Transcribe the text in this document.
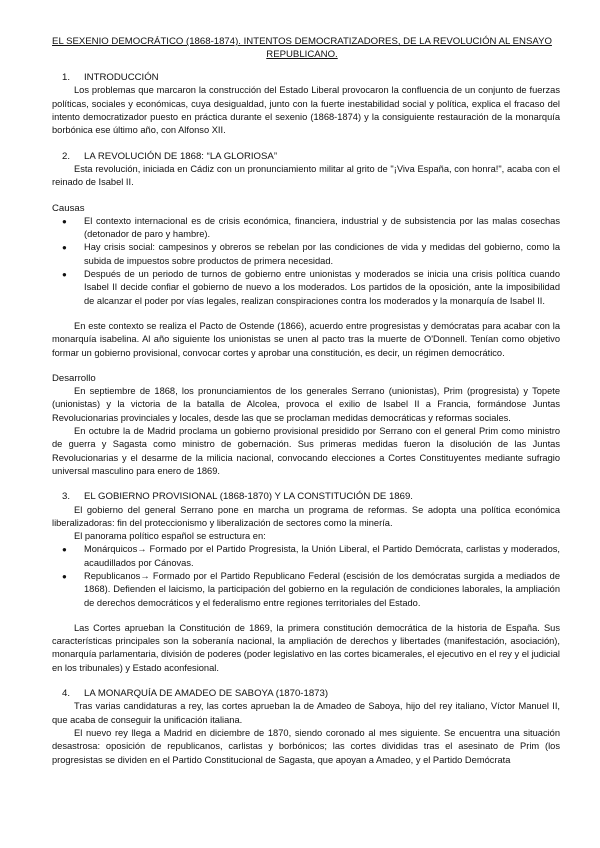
EL SEXENIO DEMOCRÁTICO (1868-1874). INTENTOS DEMOCRATIZADORES, DE LA REVOLUCIÓN AL ENSAYO REPUBLICANO.

1. INTRODUCCIÓN

Los problemas que marcaron la construcción del Estado Liberal provocaron la confluencia de un conjunto de fuerzas políticas, sociales y económicas, cuya desigualdad, junto con la fuerte inestabilidad social y política, explica el fracaso del intento democratizador puesto en práctica durante el sexenio (1868-1874) y la consiguiente restauración de la monarquía borbónica ese último año, con Alfonso XII.

2. LA REVOLUCIÓN DE 1868: “LA GLORIOSA”

Esta revolución, iniciada en Cádiz con un pronunciamiento militar al grito de "¡Viva España, con honra!", acaba con el reinado de Isabel II.

Causas

● El contexto internacional es de crisis económica, financiera, industrial y de subsistencia por las malas cosechas (detonador de paro y hambre).
● Hay crisis social: campesinos y obreros se rebelan por las condiciones de vida y medidas del gobierno, como la subida de impuestos sobre productos de primera necesidad.
● Después de un periodo de turnos de gobierno entre unionistas y moderados se inicia una crisis política cuando Isabel II decide confiar el gobierno de nuevo a los moderados. Los partidos de la oposición, ante la imposibilidad de alcanzar el poder por vías legales, realizan conspiraciones contra los moderados y la monarquía de Isabel II.

En este contexto se realiza el Pacto de Ostende (1866), acuerdo entre progresistas y demócratas para acabar con la monarquía isabelina. Al año siguiente los unionistas se unen al pacto tras la muerte de O'Donnell. Tenían como objetivo formar un gobierno provisional, convocar cortes y aprobar una constitución, es decir, un régimen democrático.

Desarrollo

En septiembre de 1868, los pronunciamientos de los generales Serrano (unionistas), Prim (progresista) y Topete (unionistas) y la victoria de la batalla de Alcolea, provoca el exilio de Isabel II a Francia, formándose Juntas Revolucionarias provinciales y locales, desde las que se proclaman medidas democráticas y reformas sociales.

En octubre la de Madrid proclama un gobierno provisional presidido por Serrano con el general Prim como ministro de guerra y Sagasta como ministro de gobernación. Sus primeras medidas fueron la disolución de las Juntas Revolucionarias y el desarme de la milicia nacional, convocando elecciones a Cortes Constituyentes mediante sufragio universal masculino para enero de 1869.

3. EL GOBIERNO PROVISIONAL (1868-1870) Y LA CONSTITUCIÓN DE 1869.

El gobierno del general Serrano pone en marcha un programa de reformas. Se adopta una política económica liberalizadoras: fin del proteccionismo y liberalización de sectores como la minería.

El panorama político español se estructura en:

● Monárquicos→ Formado por el Partido Progresista, la Unión Liberal, el Partido Demócrata, carlistas y moderados, acaudillados por Cánovas.
● Republicanos→ Formado por el Partido Republicano Federal (escisión de los demócratas surgida a mediados de 1868). Defienden el laicismo, la participación del gobierno en la regulación de condiciones laborales, la ampliación de derechos democráticos y el federalismo entre regiones territoriales del Estado.

Las Cortes aprueban la Constitución de 1869, la primera constitución democrática de la historia de España. Sus características principales son la soberanía nacional, la ampliación de derechos y libertades (manifestación, asociación), monarquía parlamentaria, división de poderes (poder legislativo en las cortes bicamerales, el ejecutivo en el rey y el judicial en los tribunales) y Estado aconfesional.

4. LA MONARQUÍA DE AMADEO DE SABOYA (1870-1873)

Tras varias candidaturas a rey, las cortes aprueban la de Amadeo de Saboya, hijo del rey italiano, Víctor Manuel II, que acaba de conseguir la unificación italiana.

El nuevo rey llega a Madrid en diciembre de 1870, siendo coronado al mes siguiente. Se encuentra una situación desastrosa: oposición de republicanos, carlistas y borbónicos; las cortes divididas tras el asesinato de Prim (los progresistas se dividen en el Partido Constitucional de Sagasta, que apoyan a Amadeo, y el Partido Demócrata
